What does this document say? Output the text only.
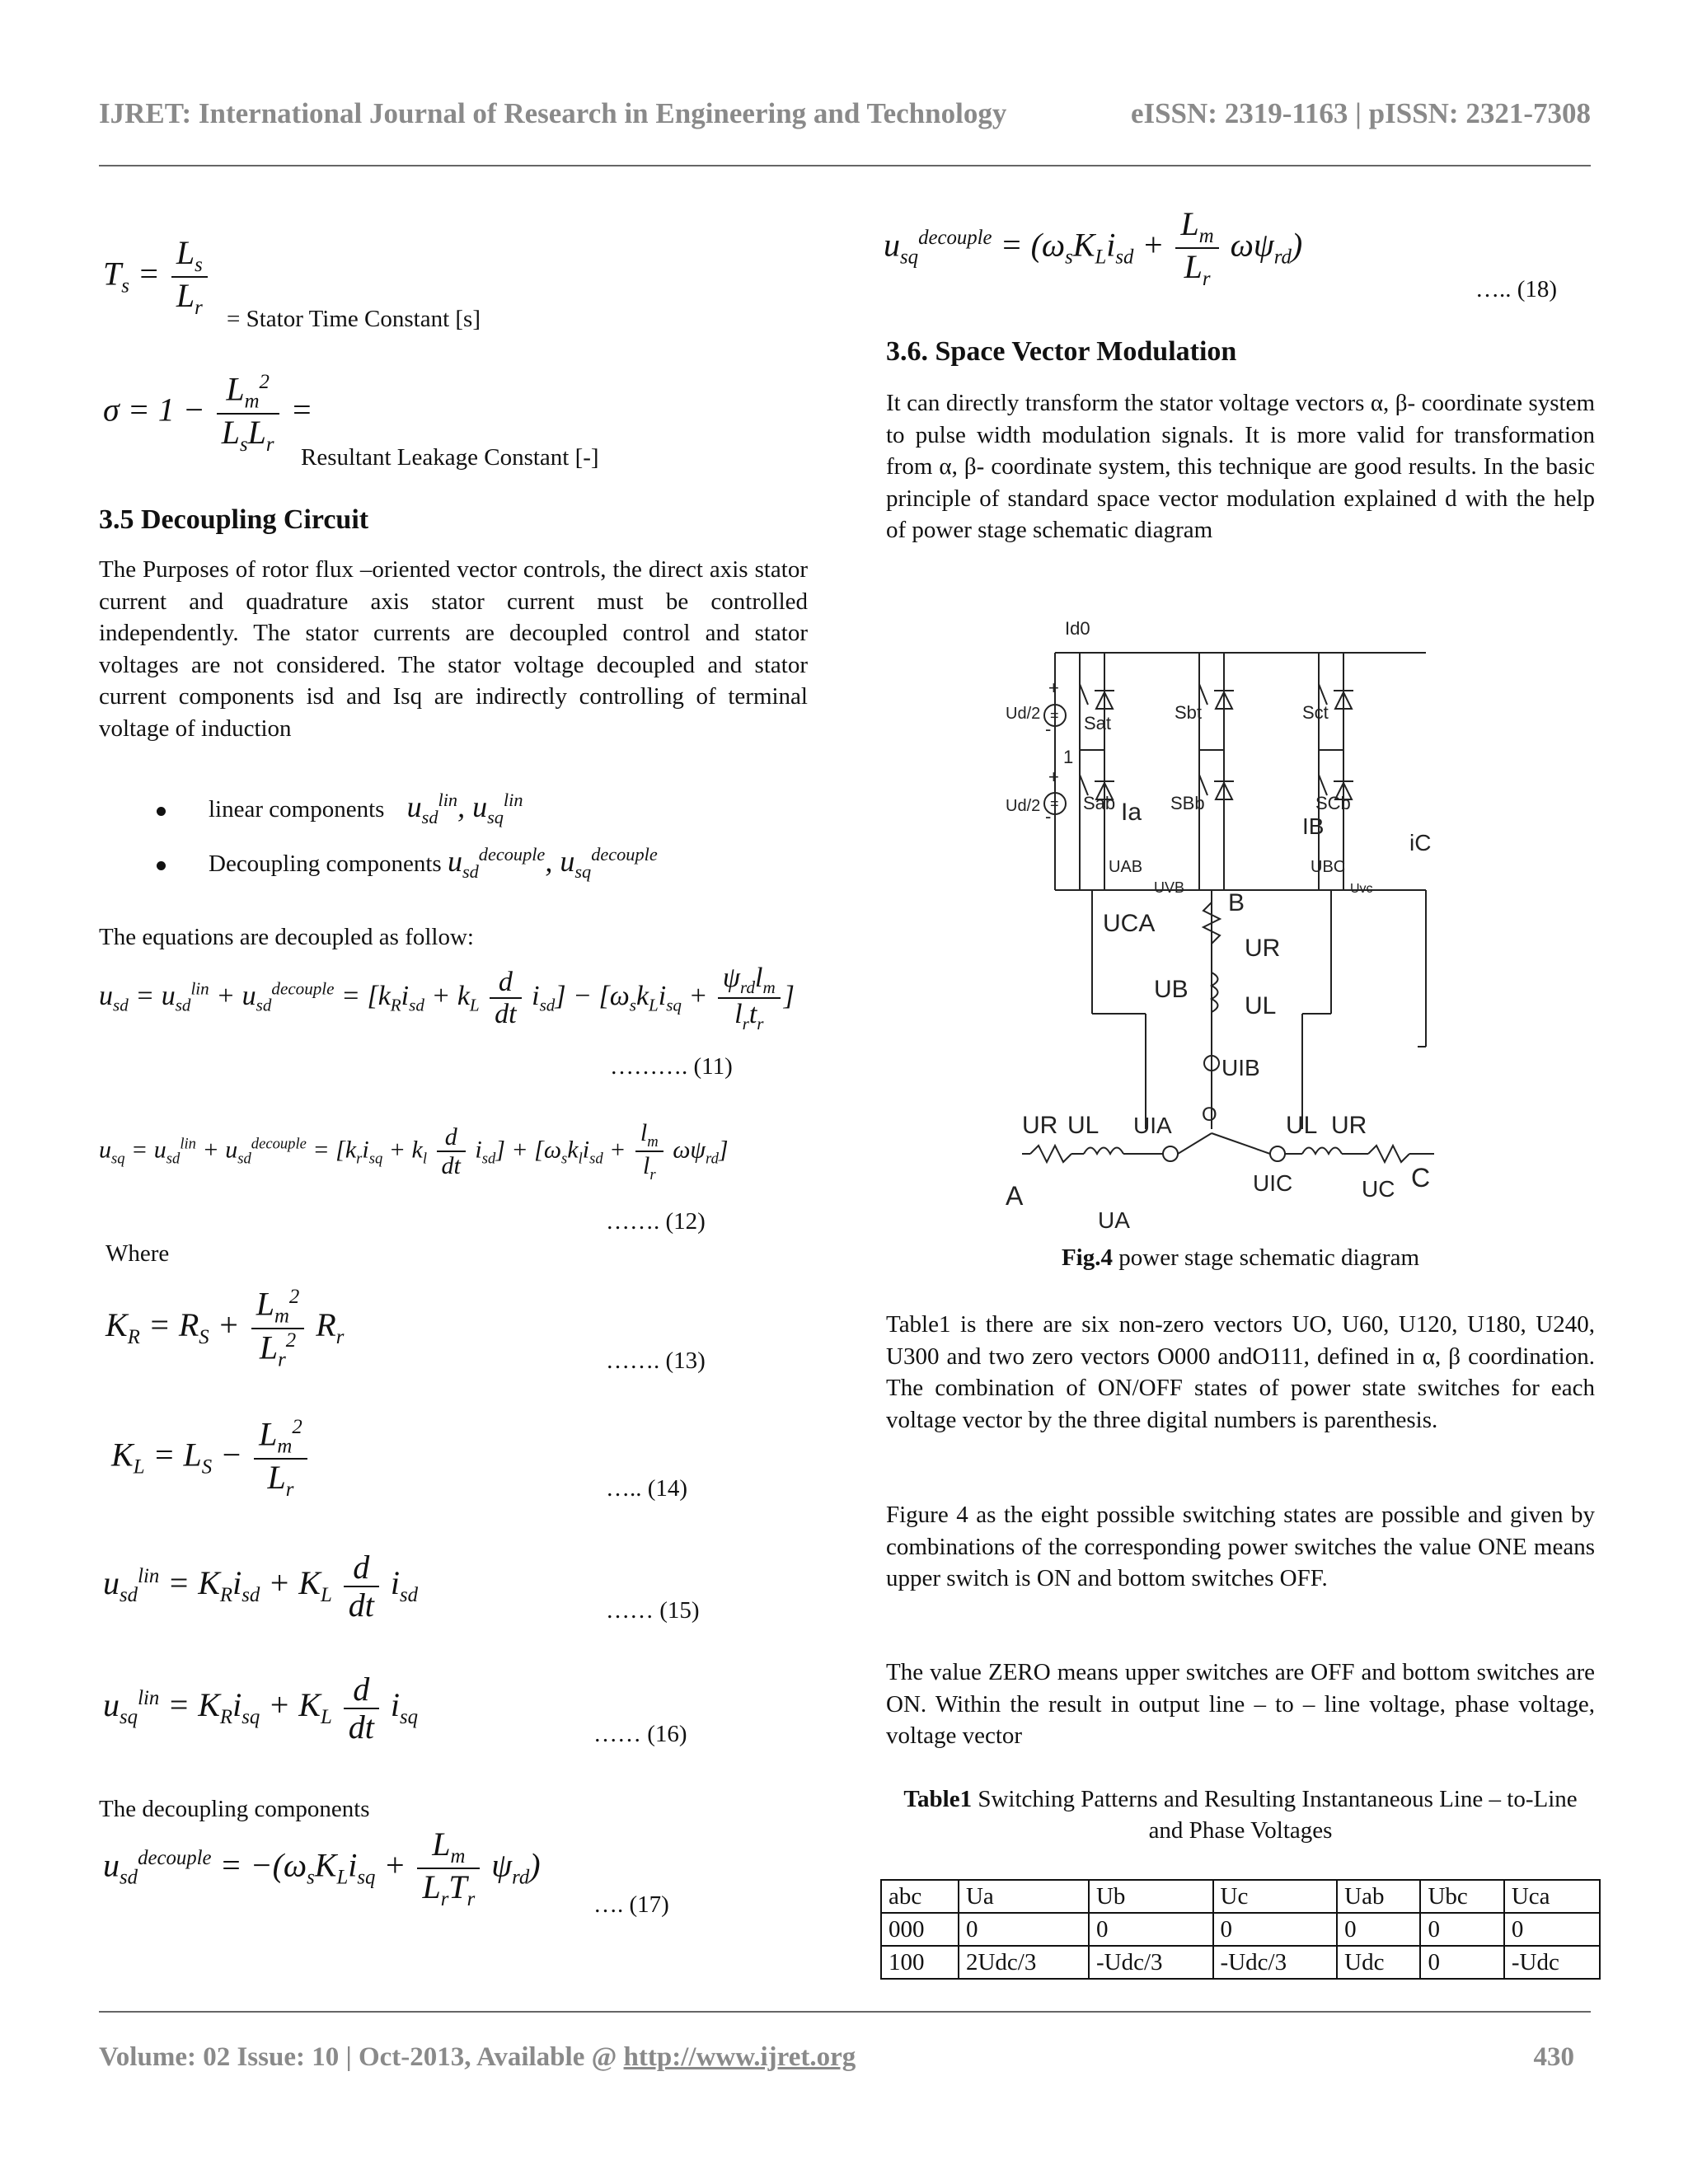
IJRET: International Journal of Research in Engineering and Technology	eISSN: 2319-1163 | pISSN: 2321-7308
$T_s = \frac{L_s}{L_r}$ = Stator Time Constant [s]
$\sigma = 1 - \frac{L_m^2}{L_sL_r}$ =
Resultant Leakage Constant [-]
3.5 Decoupling Circuit
The Purposes of rotor flux –oriented vector controls, the direct axis stator current and quadrature axis stator current must be controlled independently. The stator currents are decoupled control and stator voltages are not considered. The stator voltage decoupled and stator current components isd and Isq are indirectly controlling of terminal voltage of induction
linear components $u_{sd}^{lin}$, $u_{sq}^{lin}$
Decoupling components $u_{sd}^{decouple}$, $u_{sq}^{decouple}$
The equations are decoupled as follow:
$u_{sd} = u_{sd}^{lin} + u_{sd}^{decouple} = [k_Ri_{sd} + k_L \frac{d}{dt} i_{sd}] - [\omega_sk_Li_{sq} + \frac{\psi_{rd}l_m}{l_rt_r}$ ]
………. (11)
$u_{sq} = u_{sd}^{lin} + u_{sd}^{decouple} = [k_ri_{sq} + k_l \frac{d}{dt} i_{sd}] + [\omega_sk_li_{sd} + \frac{l_m}{l_r} \omega\psi_{rd}]$
……. (12)
Where
$K_R = R_S + \frac{L_m^2}{L_r^2} R_r$
……. (13)
$K_L = L_S - \frac{L_m^2}{L_r}$	….. (14)
$u_{sd}^{lin} = K_Ri_{sd} + K_L \frac{d}{dt} i_{sd}$
…… (15)
$u_{sq}^{lin} = K_Ri_{sq} + K_L \frac{d}{dt} i_{sq}$
…… (16)
The decoupling components
$u_{sd}^{decouple} = -(\omega_sK_Li_{sq} + \frac{L_m}{L_rT_r} \psi_{rd})$
…. (17)
$u_{sq}^{decouple} = (\omega_sK_Li_{sd} + \frac{L_m}{L_r} \omega\psi_{rd})$
….. (18)
3.6. Space Vector Modulation
It can directly transform the stator voltage vectors α, β- coordinate system to pulse width modulation signals. It is more valid for transformation from α, β- coordinate system, this technique are good results. In the basic principle of standard space vector modulation explained d with the help of power stage schematic diagram
Id0
+
Ud/2 =
-
1
+
Ud/2 =
-
Sat
Sbt	Sct
Sab	SBb	SCb
Ia
IB
iC
UAB	UBC
UVB	Uvc
UCA
B
UR
UB
UL
UIB
UR UL UIA O	UL UR
UIC
A
C
UA
UC
Fig.4 power stage schematic diagram
Table1 is there are six non-zero vectors UO, U60, U120, U180, U240, U300 and two zero vectors O000 andO111, defined in α, β coordination. The combination of ON/OFF states of power state switches for each voltage vector by the three digital numbers is parenthesis.
Figure 4 as the eight possible switching states are possible and given by combinations of the corresponding power switches the value ONE means upper switch is ON and bottom switches OFF.
The value ZERO means upper switches are OFF and bottom switches are ON. Within the result in output line – to – line voltage, phase voltage, voltage vector
Table1 Switching Patterns and Resulting Instantaneous Line – to-Line and Phase Voltages
abc	Ua	Ub	Uc	Uab	Ubc	Uca
000	0	0	0	0	0	0
100	2Udc/3	-Udc/3	-Udc/3	Udc	0	-Udc
Volume: 02 Issue: 10 | Oct-2013, Available @ http://www.ijret.org	430
